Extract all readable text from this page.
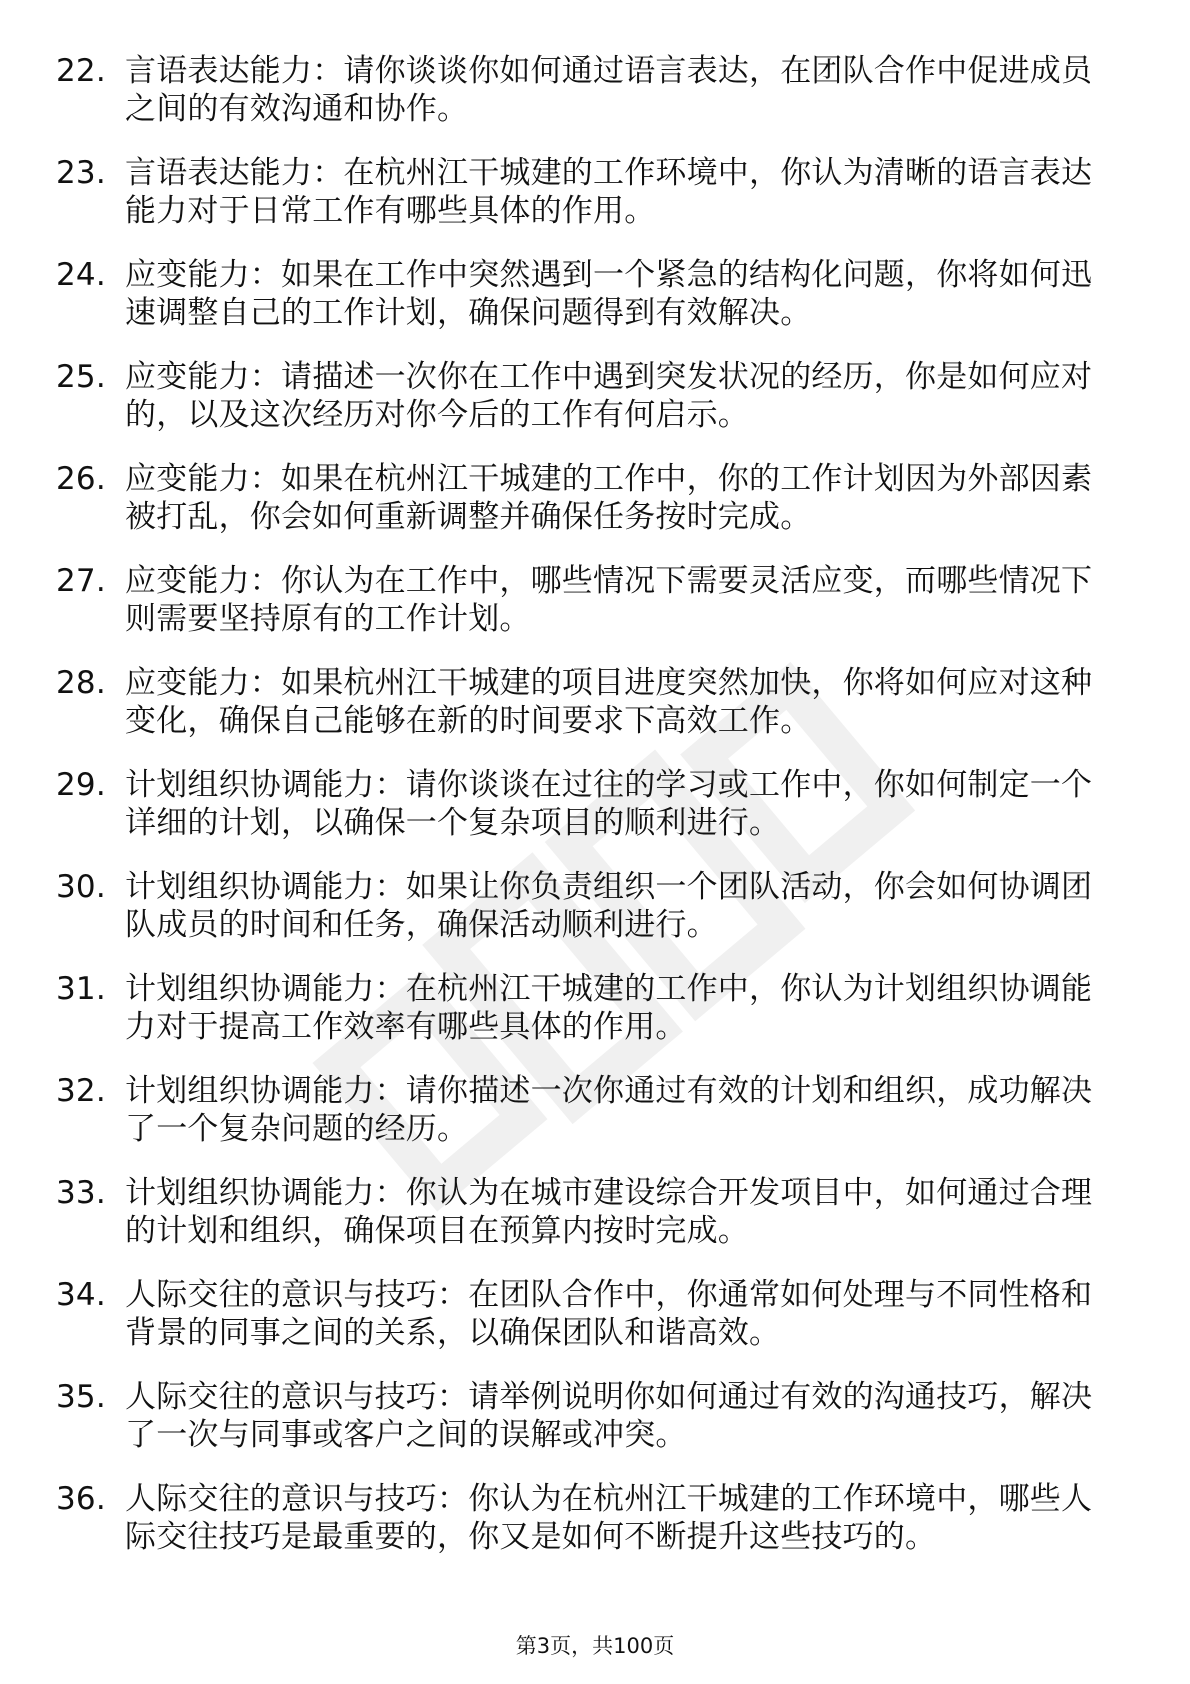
22. 言语表达能力：请你谈谈你如何通过语言表达，在团队合作中促进成员之间的有效沟通和协作。
23. 言语表达能力：在杭州江干城建的工作环境中，你认为清晰的语言表达能力对于日常工作有哪些具体的作用。
24. 应变能力：如果在工作中突然遇到一个紧急的结构化问题，你将如何迅速调整自己的工作计划，确保问题得到有效解决。
25. 应变能力：请描述一次你在工作中遇到突发状况的经历，你是如何应对的，以及这次经历对你今后的工作有何启示。
26. 应变能力：如果在杭州江干城建的工作中，你的工作计划因为外部因素被打乱，你会如何重新调整并确保任务按时完成。
27. 应变能力：你认为在工作中，哪些情况下需要灵活应变，而哪些情况下则需要坚持原有的工作计划。
28. 应变能力：如果杭州江干城建的项目进度突然加快，你将如何应对这种变化，确保自己能够在新的时间要求下高效工作。
29. 计划组织协调能力：请你谈谈在过往的学习或工作中，你如何制定一个详细的计划，以确保一个复杂项目的顺利进行。
30. 计划组织协调能力：如果让你负责组织一个团队活动，你会如何协调团队成员的时间和任务，确保活动顺利进行。
31. 计划组织协调能力：在杭州江干城建的工作中，你认为计划组织协调能力对于提高工作效率有哪些具体的作用。
32. 计划组织协调能力：请你描述一次你通过有效的计划和组织，成功解决了一个复杂问题的经历。
33. 计划组织协调能力：你认为在城市建设综合开发项目中，如何通过合理的计划和组织，确保项目在预算内按时完成。
34. 人际交往的意识与技巧：在团队合作中，你通常如何处理与不同性格和背景的同事之间的关系，以确保团队和谐高效。
35. 人际交往的意识与技巧：请举例说明你如何通过有效的沟通技巧，解决了一次与同事或客户之间的误解或冲突。
36. 人际交往的意识与技巧：你认为在杭州江干城建的工作环境中，哪些人际交往技巧是最重要的，你又是如何不断提升这些技巧的。
第3页，共100页
